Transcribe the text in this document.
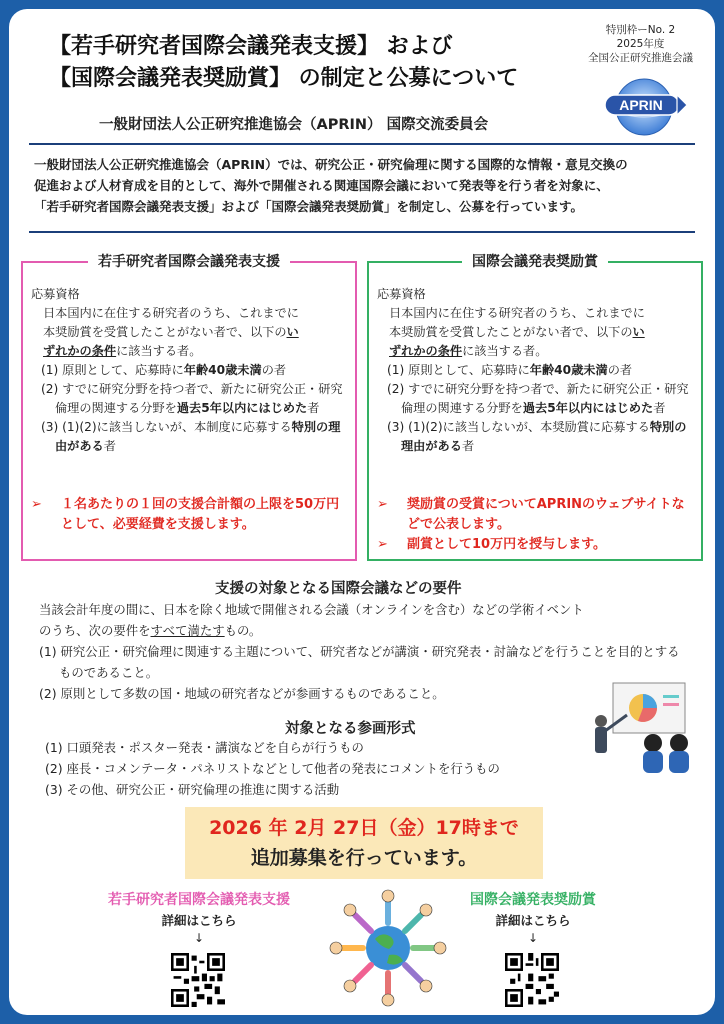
【若手研究者国際会議発表支援】 および
【国際会議発表奨励賞】 の制定と公募について
一般財団法人公正研究推進協会（APRIN） 国際交流委員会
特別枠ーNo. 2
2025年度
全国公正研究推進会議
APRIN
一般財団法人公正研究推進協会（APRIN）では、研究公正・研究倫理に関する国際的な情報・意見交換の
促進および人材育成を目的として、海外で開催される関連国際会議において発表等を行う者を対象に、
「若手研究者国際会議発表支援」および「国際会議発表奨励賞」を制定し、公募を行っています。
若手研究者国際会議発表支援
応募資格
日本国内に在住する研究者のうち、これまでに
本奨励賞を受賞したことがない者で、以下のい
ずれかの条件に該当する者。
(1) 原則として、応募時に年齢40歳未満の者
(2) すでに研究分野を持つ者で、新たに研究公正・研究倫理の関連する分野を過去5年以内にはじめた者
(3) (1)(2)に該当しないが、本制度に応募する特別の理由がある者
➢	１名あたりの１回の支援合計額の上限を50万円として、必要経費を支援します。
国際会議発表奨励賞
応募資格
日本国内に在住する研究者のうち、これまでに
本奨励賞を受賞したことがない者で、以下のい
ずれかの条件に該当する者。
(1) 原則として、応募時に年齢40歳未満の者
(2) すでに研究分野を持つ者で、新たに研究公正・研究倫理の関連する分野を過去5年以内にはじめた者
(3) (1)(2)に該当しないが、本奨励賞に応募する特別の理由がある者
➢	奨励賞の受賞についてAPRINのウェブサイトなどで公表します。
➢	副賞として10万円を授与します。
支援の対象となる国際会議などの要件
当該会計年度の間に、日本を除く地域で開催される会議（オンラインを含む）などの学術イベント
のうち、次の要件をすべて満たすもの。
(1) 研究公正・研究倫理に関連する主題について、研究者などが講演・研究発表・討論などを行うことを目的とするものであること。
(2) 原則として多数の国・地域の研究者などが参画するものであること。
対象となる参画形式
(1) 口頭発表・ポスター発表・講演などを自らが行うもの
(2) 座長・コメンテータ・パネリストなどとして他者の発表にコメントを行うもの
(3) その他、研究公正・研究倫理の推進に関する活動
2026 年 2月 27日（金）17時まで
追加募集を行っています。
若手研究者国際会議発表支援
詳細はこちら
↓
国際会議発表奨励賞
詳細はこちら
↓
